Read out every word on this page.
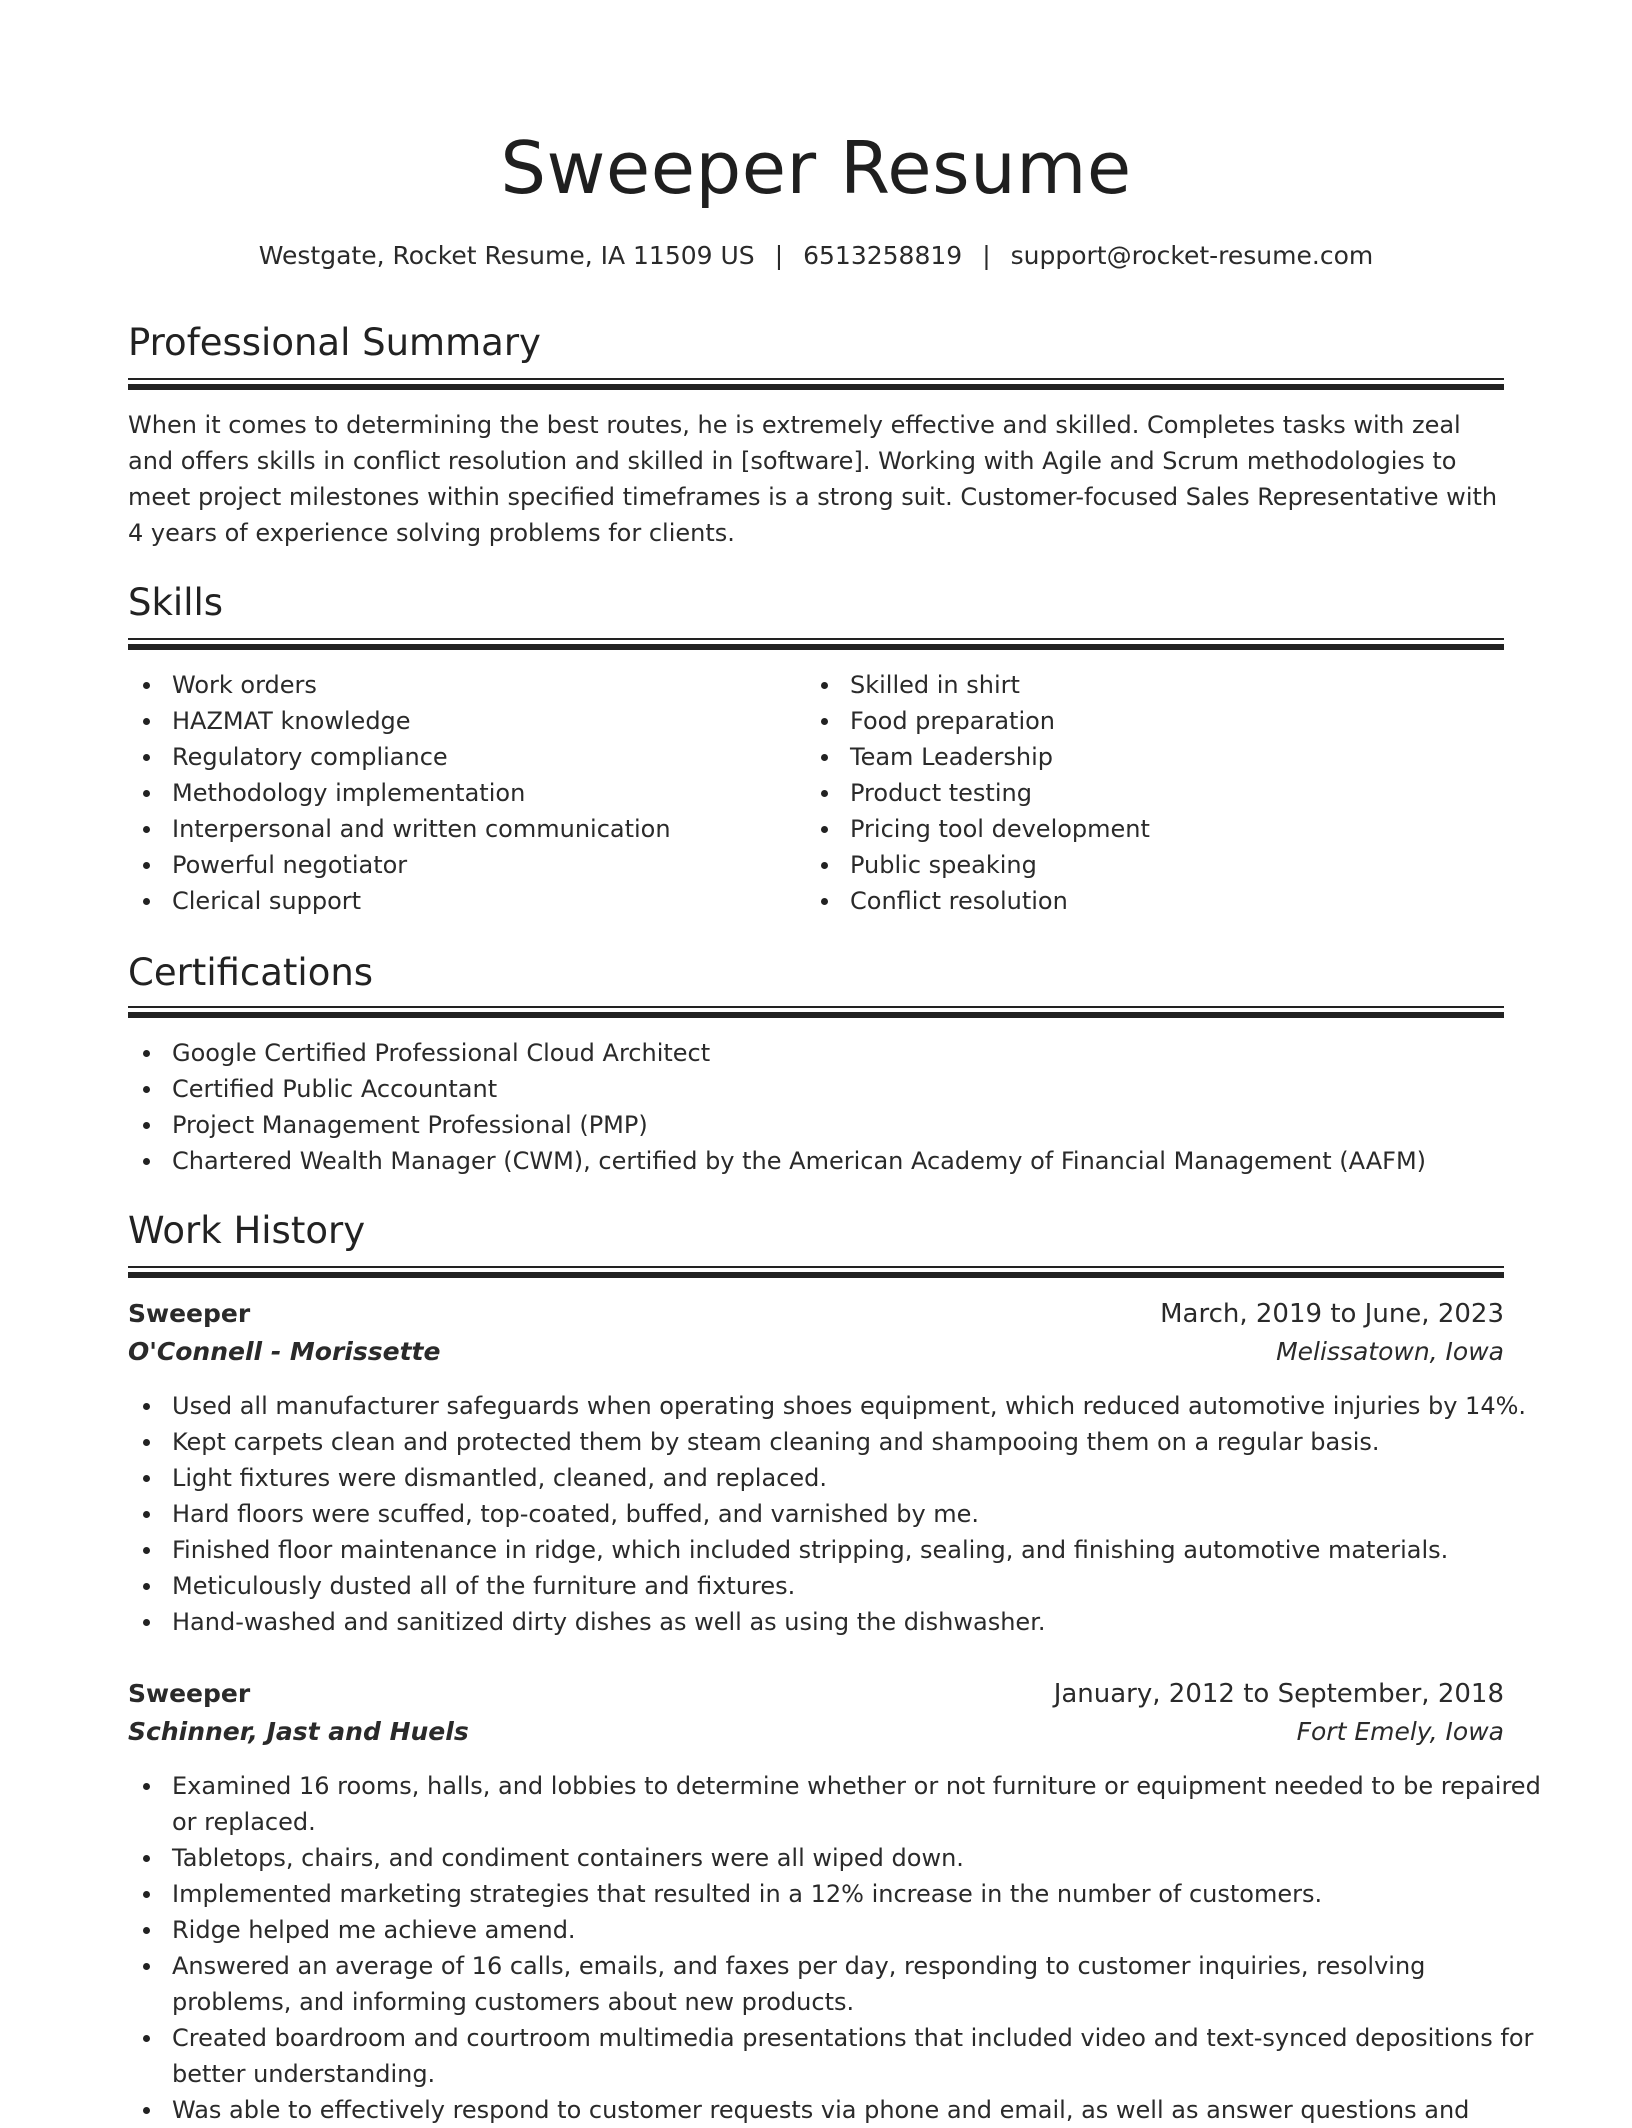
Sweeper Resume
Westgate, Rocket Resume, IA 11509 US | 6513258819 | support@rocket-resume.com
Professional Summary
When it comes to determining the best routes, he is extremely effective and skilled. Completes tasks with zeal and offers skills in conflict resolution and skilled in [software]. Working with Agile and Scrum methodologies to meet project milestones within specified timeframes is a strong suit. Customer-focused Sales Representative with 4 years of experience solving problems for clients.
Skills
Work orders
HAZMAT knowledge
Regulatory compliance
Methodology implementation
Interpersonal and written communication
Powerful negotiator
Clerical support
Skilled in shirt
Food preparation
Team Leadership
Product testing
Pricing tool development
Public speaking
Conflict resolution
Certifications
Google Certified Professional Cloud Architect
Certified Public Accountant
Project Management Professional (PMP)
Chartered Wealth Manager (CWM), certified by the American Academy of Financial Management (AAFM)
Work History
Sweeper	March, 2019 to June, 2023
O'Connell - Morissette	Melissatown, Iowa
Used all manufacturer safeguards when operating shoes equipment, which reduced automotive injuries by 14%.
Kept carpets clean and protected them by steam cleaning and shampooing them on a regular basis.
Light fixtures were dismantled, cleaned, and replaced.
Hard floors were scuffed, top-coated, buffed, and varnished by me.
Finished floor maintenance in ridge, which included stripping, sealing, and finishing automotive materials.
Meticulously dusted all of the furniture and fixtures.
Hand-washed and sanitized dirty dishes as well as using the dishwasher.
Sweeper	January, 2012 to September, 2018
Schinner, Jast and Huels	Fort Emely, Iowa
Examined 16 rooms, halls, and lobbies to determine whether or not furniture or equipment needed to be repaired or replaced.
Tabletops, chairs, and condiment containers were all wiped down.
Implemented marketing strategies that resulted in a 12% increase in the number of customers.
Ridge helped me achieve amend.
Answered an average of 16 calls, emails, and faxes per day, responding to customer inquiries, resolving problems, and informing customers about new products.
Created boardroom and courtroom multimedia presentations that included video and text-synced depositions for better understanding.
Was able to effectively respond to customer requests via phone and email, as well as answer questions and
